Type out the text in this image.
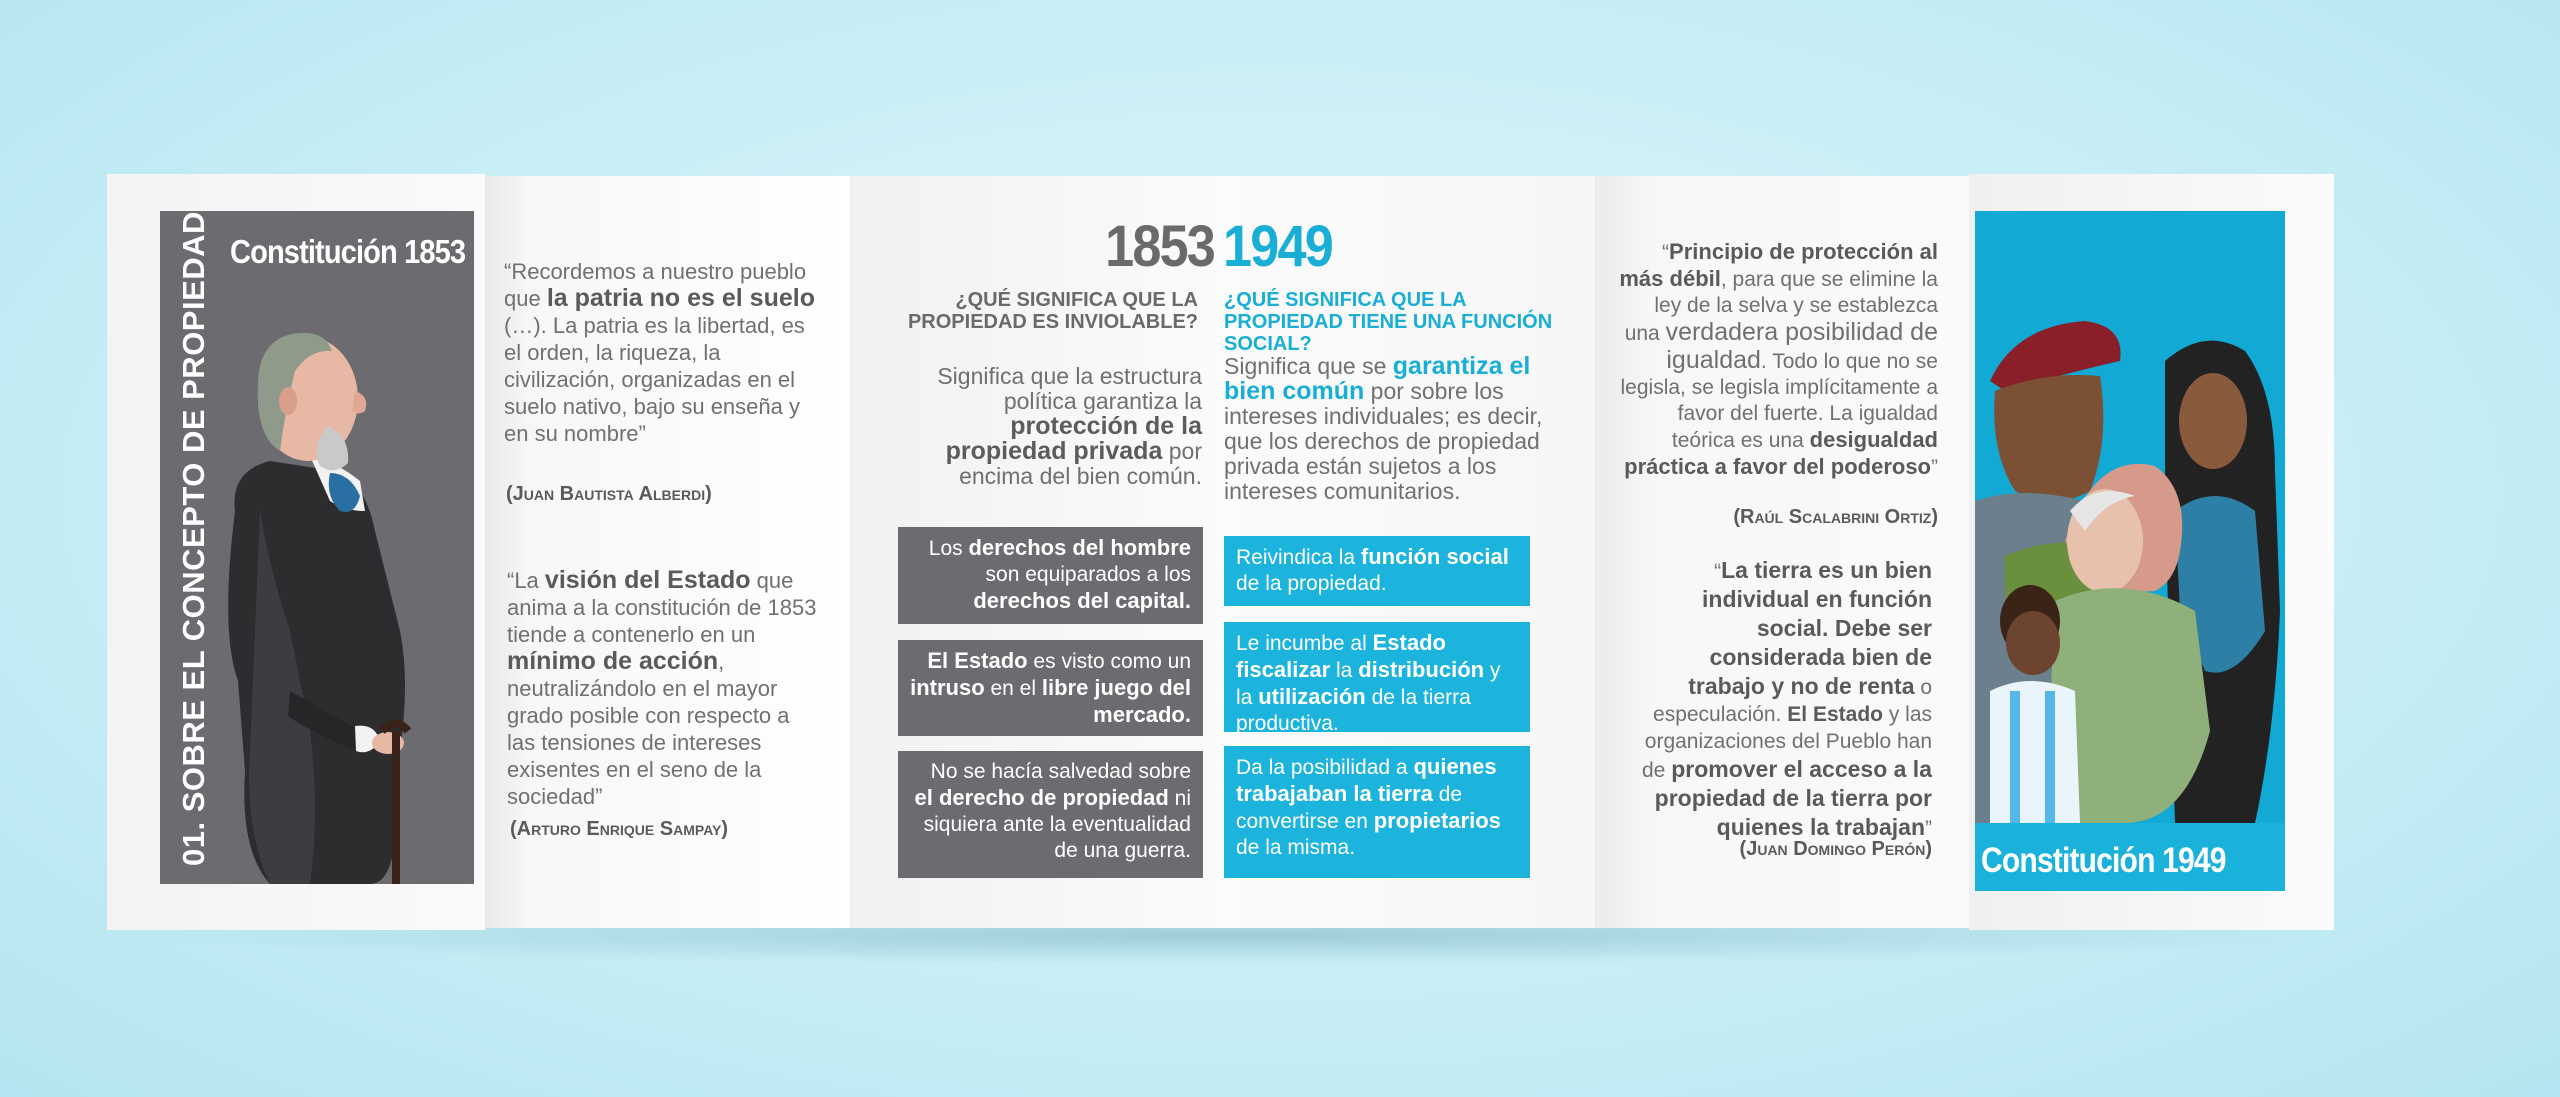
01. SOBRE EL CONCEPTO DE PROPIEDAD Constitución 1853
“Recordemos a nuestro pueblo que la patria no es el suelo (…). La patria es la libertad, es el orden, la riqueza, la civilización, organizadas en el suelo nativo, bajo su enseña y en su nombre”
(Juan Bautista Alberdi)
“La visión del Estado que anima a la constitución de 1853 tiende a contenerlo en un mínimo de acción, neutralizándolo en el mayor grado posible con respecto a las tensiones de intereses exisentes en el seno de la sociedad”
(Arturo Enrique Sampay)
1853 1949
¿QUÉ SIGNIFICA QUE LA PROPIEDAD ES INVIOLABLE?
¿QUÉ SIGNIFICA QUE LA PROPIEDAD TIENE UNA FUNCIÓN SOCIAL?
Significa que la estructura política garantiza la protección de la propiedad privada por encima del bien común.
Significa que se garantiza el bien común por sobre los intereses individuales; es decir, que los derechos de propiedad privada están sujetos a los intereses comunitarios.
Los derechos del hombre son equiparados a los derechos del capital.
El Estado es visto como un intruso en el libre juego del mercado.
No se hacía salvedad sobre el derecho de propiedad ni siquiera ante la eventualidad de una guerra.
Reivindica la función social de la propiedad.
Le incumbe al Estado fiscalizar la distribución y la utilización de la tierra productiva.
Da la posibilidad a quienes trabajaban la tierra de convertirse en propietarios de la misma.
“Principio de protección al más débil, para que se elimine la ley de la selva y se establezca una verdadera posibilidad de igualdad. Todo lo que no se legisla, se legisla implícitamente a favor del fuerte. La igualdad teórica es una desigualdad práctica a favor del poderoso”
(Raúl Scalabrini Ortiz)
“La tierra es un bien individual en función social. Debe ser considerada bien de trabajo y no de renta o especulación. El Estado y las organizaciones del Pueblo han de promover el acceso a la propiedad de la tierra por quienes la trabajan”
(Juan Domingo Perón) Constitución 1949
